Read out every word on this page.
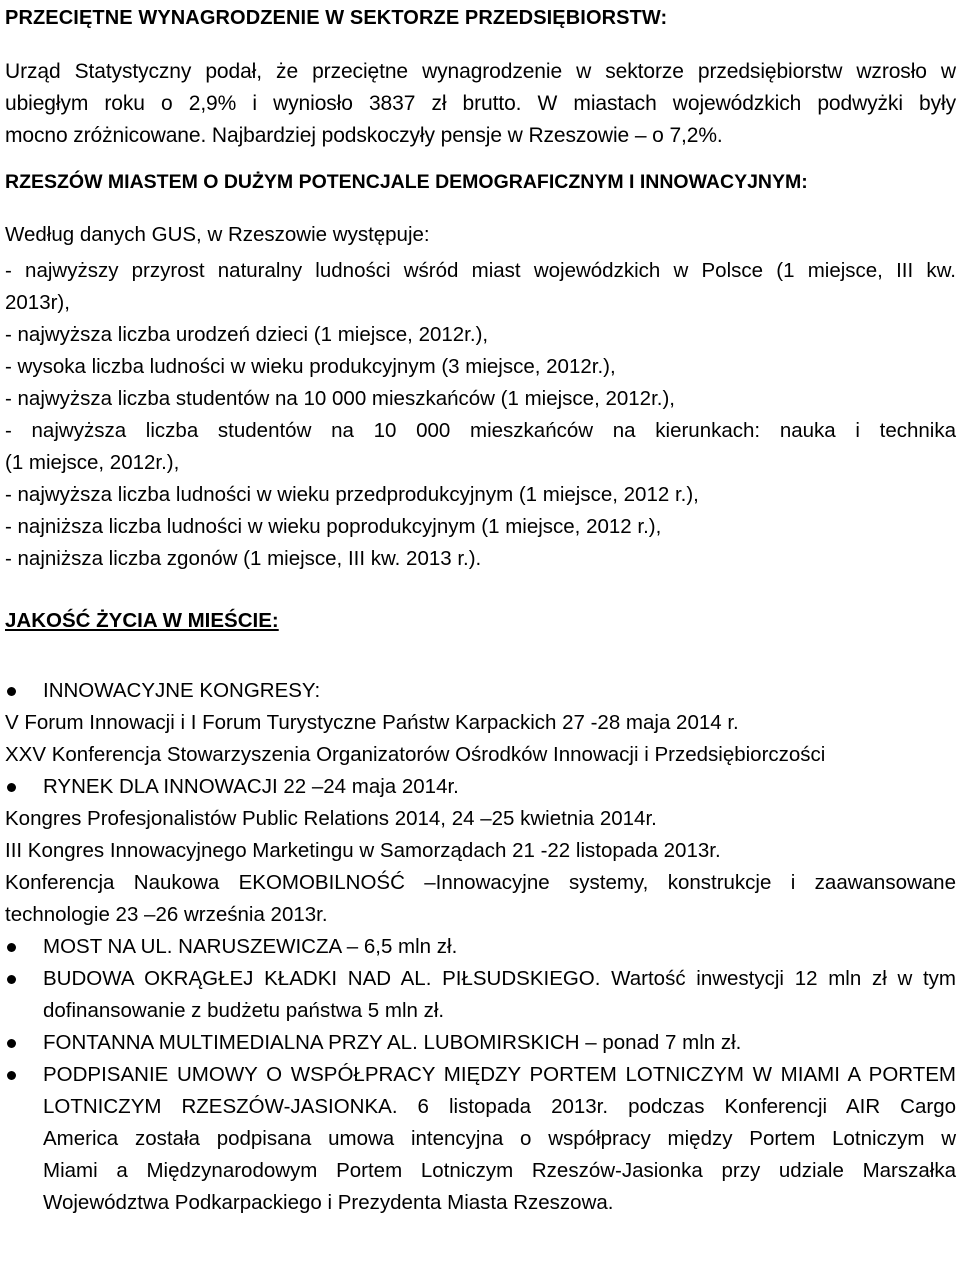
PRZECIĘTNE WYNAGRODZENIE W SEKTORZE PRZEDSIĘBIORSTW:
Urząd Statystyczny podał, że przeciętne wynagrodzenie w sektorze przedsiębiorstw wzrosło w
ubiegłym roku o 2,9% i wyniosło 3837 zł brutto. W miastach wojewódzkich podwyżki były
mocno zróżnicowane. Najbardziej podskoczyły pensje w Rzeszowie – o 7,2%.
RZESZÓW MIASTEM O DUŻYM POTENCJALE DEMOGRAFICZNYM I INNOWACYJNYM:
Według danych GUS, w Rzeszowie występuje:
- najwyższy przyrost naturalny ludności wśród miast wojewódzkich w Polsce (1 miejsce, III kw.
2013r),
- najwyższa liczba urodzeń dzieci (1 miejsce, 2012r.),
- wysoka liczba ludności w wieku produkcyjnym (3 miejsce, 2012r.),
- najwyższa liczba studentów na 10 000 mieszkańców (1 miejsce, 2012r.),
- najwyższa liczba studentów na 10 000 mieszkańców na kierunkach: nauka i technika
(1 miejsce, 2012r.),
- najwyższa liczba ludności w wieku przedprodukcyjnym (1 miejsce, 2012 r.),
- najniższa liczba ludności w wieku poprodukcyjnym (1 miejsce, 2012 r.),
- najniższa liczba zgonów (1 miejsce, III kw. 2013 r.).
JAKOŚĆ ŻYCIA W MIEŚCIE:
INNOWACYJNE KONGRESY:
V Forum Innowacji i I Forum Turystyczne Państw Karpackich 27 -28 maja 2014 r.
XXV Konferencja Stowarzyszenia Organizatorów Ośrodków Innowacji i Przedsiębiorczości
RYNEK DLA INNOWACJI 22 –24 maja 2014r.
Kongres Profesjonalistów Public Relations 2014, 24 –25 kwietnia 2014r.
III Kongres Innowacyjnego Marketingu w Samorządach 21 -22 listopada 2013r.
Konferencja Naukowa EKOMOBILNOŚĆ –Innowacyjne systemy, konstrukcje i zaawansowane
technologie 23 –26 września 2013r.
MOST NA UL. NARUSZEWICZA – 6,5 mln zł.
BUDOWA OKRĄGŁEJ KŁADKI NAD AL. PIŁSUDSKIEGO. Wartość inwestycji 12 mln zł w tym
dofinansowanie z budżetu państwa 5 mln zł.
FONTANNA MULTIMEDIALNA PRZY AL. LUBOMIRSKICH – ponad 7 mln zł.
PODPISANIE UMOWY O WSPÓŁPRACY MIĘDZY PORTEM LOTNICZYM W MIAMI A PORTEM
LOTNICZYM RZESZÓW-JASIONKA. 6 listopada 2013r. podczas Konferencji AIR Cargo
America została podpisana umowa intencyjna o współpracy między Portem Lotniczym w
Miami a Międzynarodowym Portem Lotniczym Rzeszów-Jasionka przy udziale Marszałka
Województwa Podkarpackiego i Prezydenta Miasta Rzeszowa.
